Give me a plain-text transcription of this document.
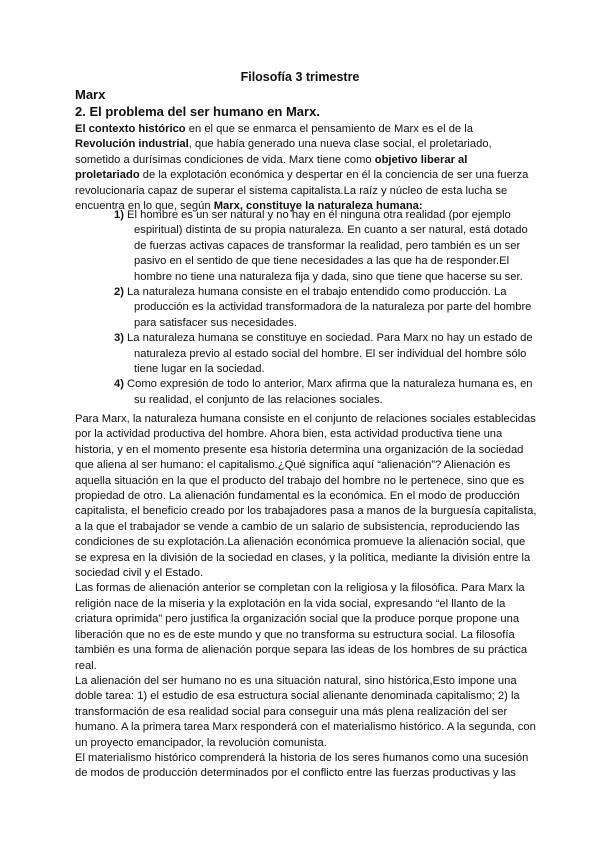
Filosofía 3 trimestre
Marx
2. El problema del ser humano en Marx.

El contexto histórico en el que se enmarca el pensamiento de Marx es el de la Revolución industrial, que había generado una nueva clase social, el proletariado, sometido a durísimas condiciones de vida. Marx tiene como objetivo liberar al proletariado de la explotación económica y despertar en él la conciencia de ser una fuerza revolucionaria capaz de superar el sistema capitalista.La raíz y núcleo de esta lucha se encuentra en lo que, según Marx, constituye la naturaleza humana:

1) El hombre es un ser natural y no hay en él ninguna otra realidad (por ejemplo espiritual) distinta de su propia naturaleza. En cuanto a ser natural, está dotado de fuerzas activas capaces de transformar la realidad, pero también es un ser pasivo en el sentido de que tiene necesidades a las que ha de responder.El hombre no tiene una naturaleza fija y dada, sino que tiene que hacerse su ser.
2) La naturaleza humana consiste en el trabajo entendido como producción. La producción es la actividad transformadora de la naturaleza por parte del hombre para satisfacer sus necesidades.
3) La naturaleza humana se constituye en sociedad. Para Marx no hay un estado de naturaleza previo al estado social del hombre. El ser individual del hombre sólo tiene lugar en la sociedad.
4) Como expresión de todo lo anterior, Marx afirma que la naturaleza humana es, en su realidad, el conjunto de las relaciones sociales.

Para Marx, la naturaleza humana consiste en el conjunto de relaciones sociales establecidas por la actividad productiva del hombre. Ahora bien, esta actividad productiva tiene una historia, y en el momento presente esa historia determina una organización de la sociedad que aliena al ser humano: el capitalismo.¿Qué significa aquí “alienación”? Alienación es aquella situación en la que el producto del trabajo del hombre no le pertenece, sino que es propiedad de otro. La alienación fundamental es la económica. En el modo de producción capitalista, el beneficio creado por los trabajadores pasa a manos de la burguesía capitalista, a la que el trabajador se vende a cambio de un salario de subsistencia, reproduciendo las condiciones de su explotación.La alienación económica promueve la alienación social, que se expresa en la división de la sociedad en clases, y la política, mediante la división entre la sociedad civil y el Estado.

Las formas de alienación anterior se completan con la religiosa y la filosófica. Para Marx la religión nace de la miseria y la explotación en la vida social, expresando “el llanto de la criatura oprimida” pero justifica la organización social que la produce porque propone una liberación que no es de este mundo y que no transforma su estructura social. La filosofía también es una forma de alienación porque separa las ideas de los hombres de su práctica real.

La alienación del ser humano no es una situación natural, sino histórica,Esto impone una doble tarea: 1) el estudio de esa estructura social alienante denominada capitalismo; 2) la transformación de esa realidad social para conseguir una más plena realización del ser humano. A la primera tarea Marx responderá con el materialismo histórico. A la segunda, con un proyecto emancipador, la revolución comunista.

El materialismo histórico comprenderá la historia de los seres humanos como una sucesión de modos de producción determinados por el conflicto entre las fuerzas productivas y las
